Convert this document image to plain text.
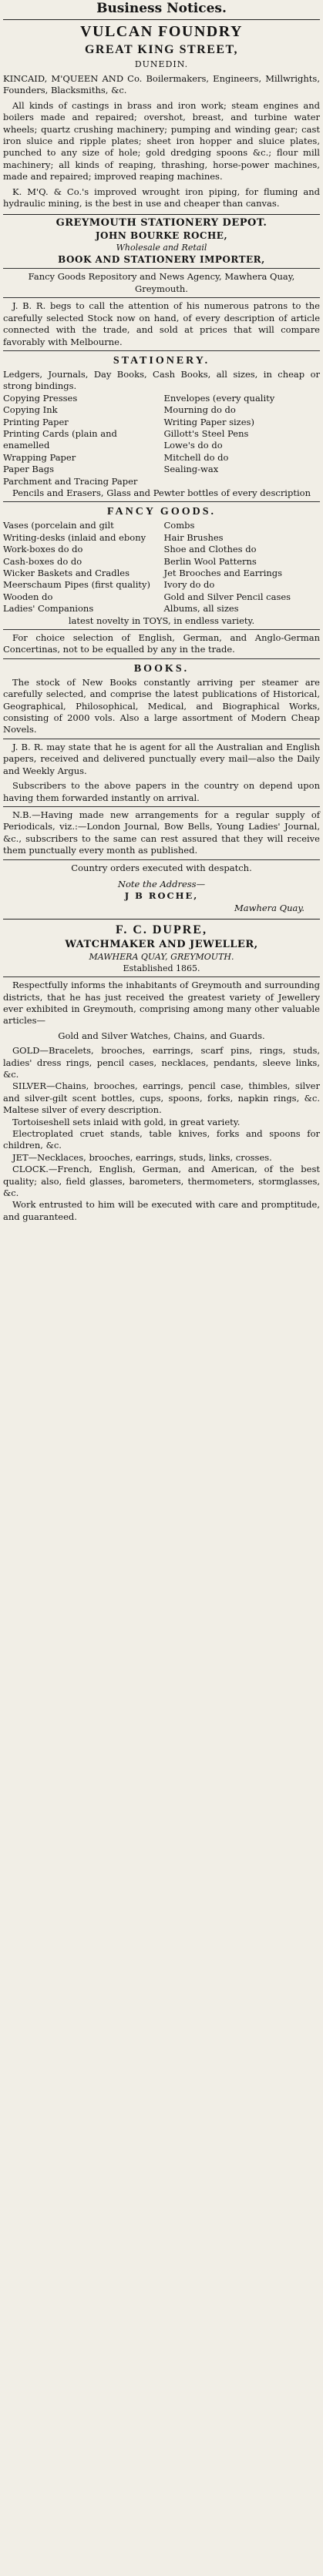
Business Notices.
VULCAN FOUNDRY
GREAT KING STREET,
DUNEDIN.
KINCAID, M'QUEEN AND Co. Boilermakers, Engineers, Millwrights, Founders, Blacksmiths, &c.
All kinds of castings in brass and iron work; steam engines and boilers made and repaired; overshot, breast, and turbine water wheels; quartz crushing machinery; pumping and winding gear; cast iron sluice and ripple plates; sheet iron hopper and sluice plates, punched to any size of hole; gold dredging spoons &c.; flour mill machinery; all kinds of reaping, thrashing, horse-power machines, made and repaired; improved reaping machines.
K. M'Q. & Co.'s improved wrought iron piping, for fluming and hydraulic mining, is the best in use and cheaper than canvas.
GREYMOUTH STATIONERY DEPOT.
JOHN BOURKE ROCHE,
Wholesale and Retail
BOOK AND STATIONERY IMPORTER,
Fancy Goods Repository and News Agency, Mawhera Quay, Greymouth.
J. B. R. begs to call the attention of his numerous patrons to the carefully selected Stock now on hand, of every description of article connected with the trade, and sold at prices that will compare favorably with Melbourne.
STATIONERY.
Ledgers, Journals, Day Books, Cash Books, all sizes, in cheap or strong bindings.
Copying Presses
Copying Ink
Printing Paper
Printing Cards (plain and enamelled
Wrapping Paper
Paper Bags
Parchment and Tracing Paper
Envelopes (every quality
Mourning do do
Writing Paper sizes)
Gillott's Steel Pens
Lowe's do do
Mitchell do do
Sealing-wax
Pencils and Erasers, Glass and Pewter bottles of every description
FANCY GOODS.
Vases (porcelain and gilt
Writing-desks (inlaid and ebony
Work-boxes do do
Cash-boxes do do
Wicker Baskets and Cradles
Meerschaum Pipes (first quality)
Wooden do
Ladies' Companions
Combs
Hair Brushes
Shoe and Clothes do
Berlin Wool Patterns
Jet Brooches and Earrings
Ivory do do
Gold and Silver Pencil cases
Albums, all sizes
latest novelty in TOYS, in endless variety.
For choice selection of English, German, and Anglo-German Concertinas, not to be equalled by any in the trade.
BOOKS.
The stock of New Books constantly arriving per steamer are carefully selected, and comprise the latest publications of Historical, Geographical, Philosophical, Medical, and Biographical Works, consisting of 2000 vols. Also a large assortment of Modern Cheap Novels.
J. B. R. may state that he is agent for all the Australian and English papers, received and delivered punctually every mail—also the Daily and Weekly Argus.
Subscribers to the above papers in the country on depend upon having them forwarded instantly on arrival.
N.B.—Having made new arrangements for a regular supply of Periodicals, viz.:—London Journal, Bow Bells, Young Ladies' Journal, &c., subscribers to the same can rest assured that they will receive them punctually every month as published.
Country orders executed with despatch.
Note the Address—
J B ROCHE,
Mawhera Quay.
F. C. DUPRE,
WATCHMAKER AND JEWELLER,
MAWHERA QUAY, GREYMOUTH.
Established 1865.
Respectfully informs the inhabitants of Greymouth and surrounding districts, that he has just received the greatest variety of Jewellery ever exhibited in Greymouth, comprising among many other valuable articles—
Gold and Silver Watches, Chains, and Guards.
GOLD—Bracelets, brooches, earrings, scarf pins, rings, studs, ladies' dress rings, pencil cases, necklaces, pendants, sleeve links, &c.
SILVER—Chains, brooches, earrings, pencil case, thimbles, silver and silver-gilt scent bottles, cups, spoons, forks, napkin rings, &c. Maltese silver of every description.
Tortoiseshell sets inlaid with gold, in great variety.
Electroplated cruet stands, table knives, forks and spoons for children, &c.
JET—Necklaces, brooches, earrings, studs, links, crosses.
CLOCK.—French, English, German, and American, of the best quality; also, field glasses, barometers, thermometers, stormglasses, &c.
Work entrusted to him will be executed with care and promptitude, and guaranteed.
